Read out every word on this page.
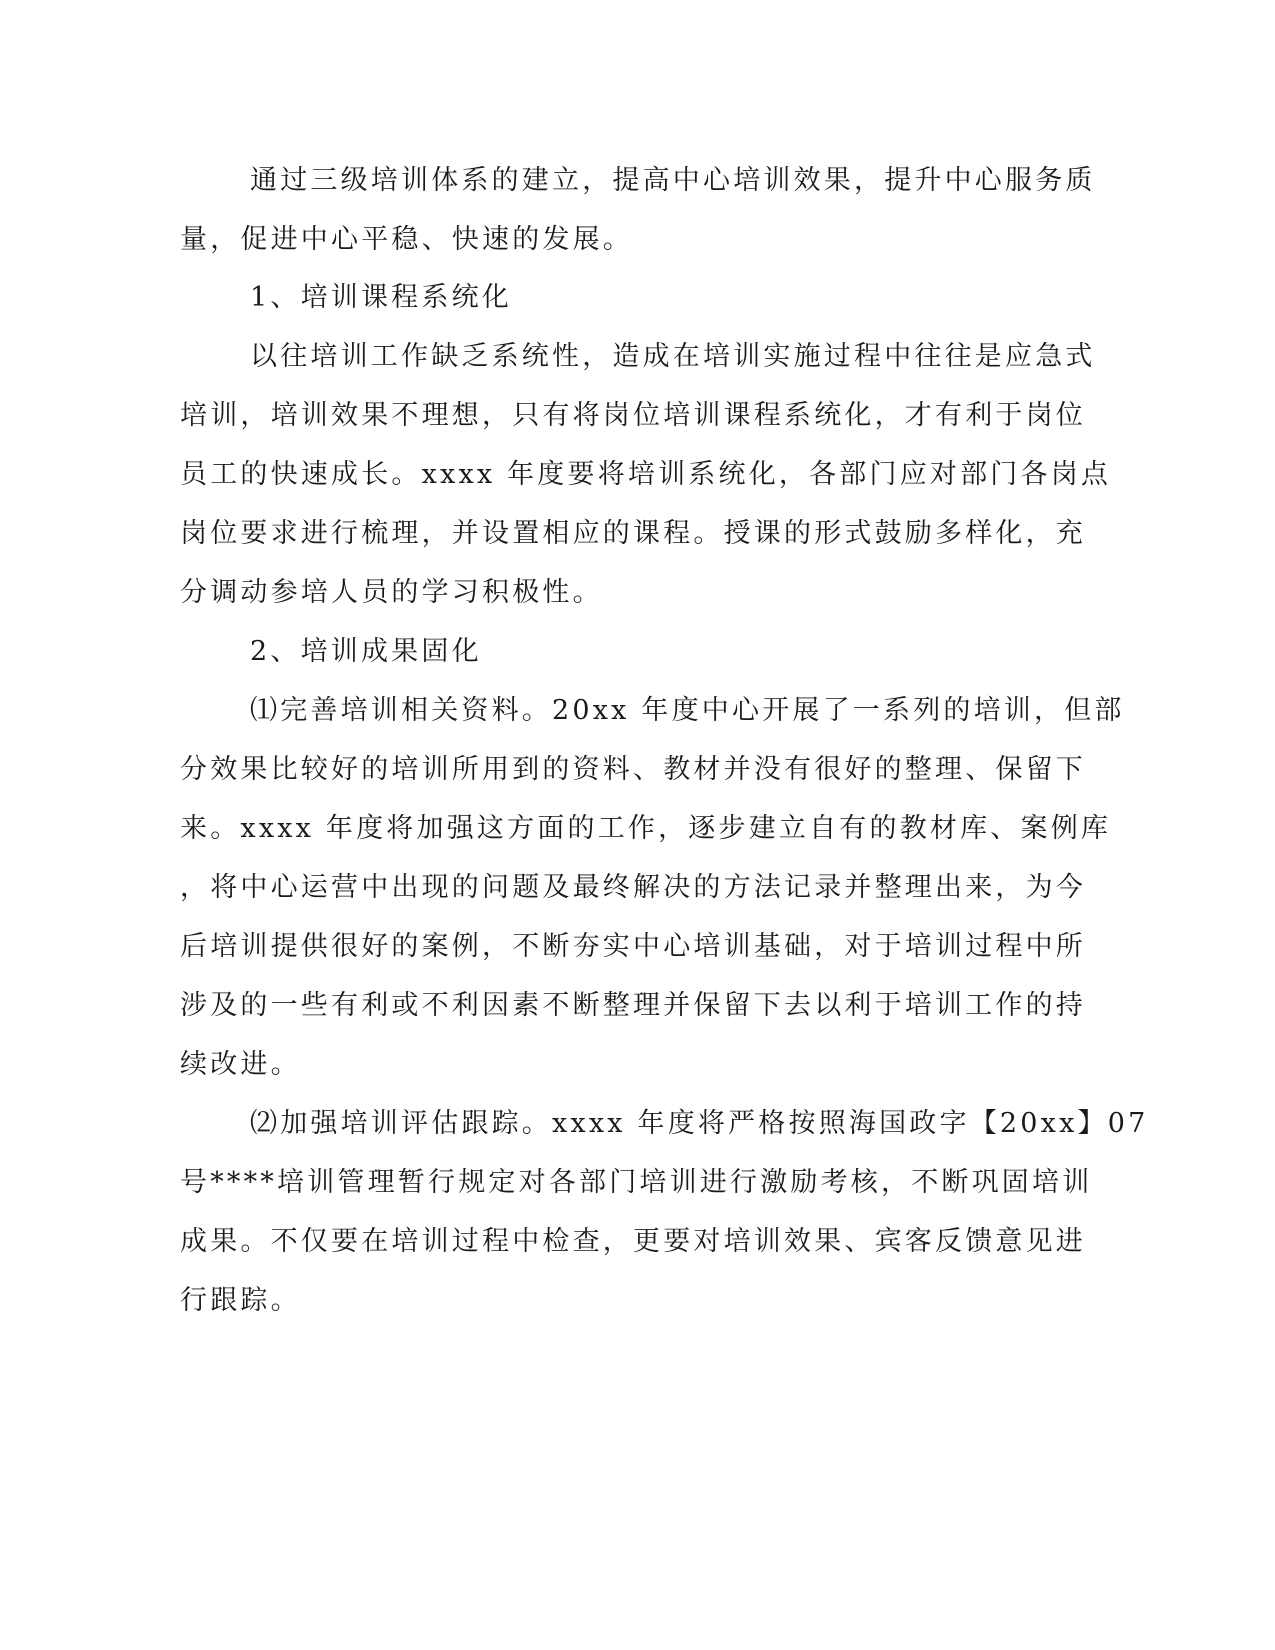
通过三级培训体系的建立，提高中心培训效果，提升中心服务质
量，促进中心平稳、快速的发展。
1、培训课程系统化
以往培训工作缺乏系统性，造成在培训实施过程中往往是应急式
培训，培训效果不理想，只有将岗位培训课程系统化，才有利于岗位
员工的快速成长。xxxx 年度要将培训系统化，各部门应对部门各岗点
岗位要求进行梳理，并设置相应的课程。授课的形式鼓励多样化，充
分调动参培人员的学习积极性。
2、培训成果固化
⑴完善培训相关资料。20xx 年度中心开展了一系列的培训，但部
分效果比较好的培训所用到的资料、教材并没有很好的整理、保留下
来。xxxx 年度将加强这方面的工作，逐步建立自有的教材库、案例库
，将中心运营中出现的问题及最终解决的方法记录并整理出来，为今
后培训提供很好的案例，不断夯实中心培训基础，对于培训过程中所
涉及的一些有利或不利因素不断整理并保留下去以利于培训工作的持
续改进。
⑵加强培训评估跟踪。xxxx 年度将严格按照海国政字【20xx】07
号****培训管理暂行规定对各部门培训进行激励考核，不断巩固培训
成果。不仅要在培训过程中检查，更要对培训效果、宾客反馈意见进
行跟踪。
